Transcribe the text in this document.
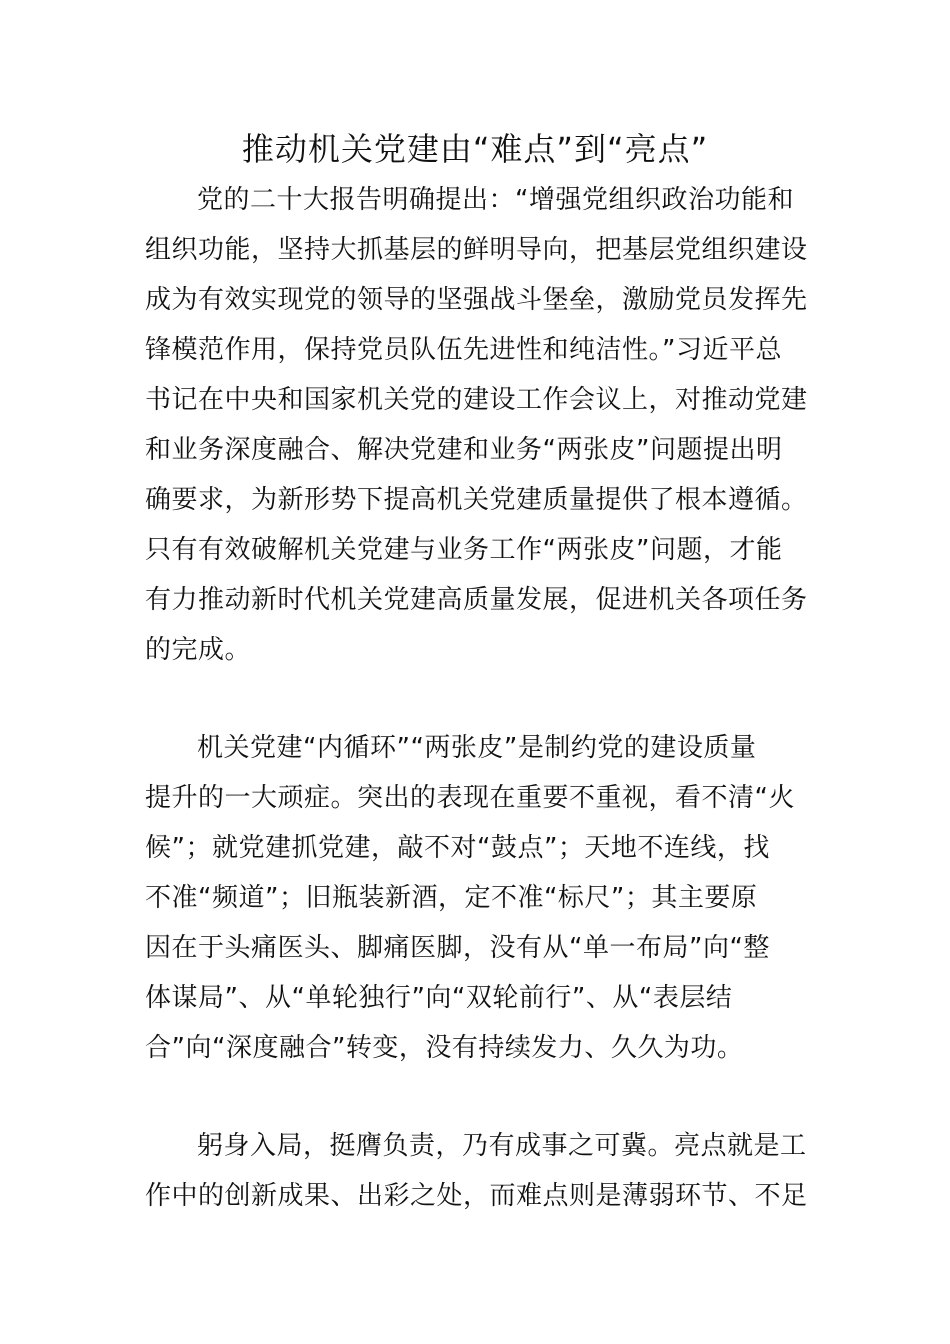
推动机关党建由“难点”到“亮点”
党的二十大报告明确提出：“增强党组织政治功能和
组织功能，坚持大抓基层的鲜明导向，把基层党组织建设
成为有效实现党的领导的坚强战斗堡垒，激励党员发挥先
锋模范作用，保持党员队伍先进性和纯洁性。”习近平总
书记在中央和国家机关党的建设工作会议上，对推动党建
和业务深度融合、解决党建和业务“两张皮”问题提出明
确要求，为新形势下提高机关党建质量提供了根本遵循。
只有有效破解机关党建与业务工作“两张皮”问题，才能
有力推动新时代机关党建高质量发展，促进机关各项任务
的完成。
机关党建“内循环”“两张皮”是制约党的建设质量
提升的一大顽症。突出的表现在重要不重视，看不清“火
候”；就党建抓党建，敲不对“鼓点”；天地不连线，找
不准“频道”；旧瓶装新酒，定不准“标尺”；其主要原
因在于头痛医头、脚痛医脚，没有从“单一布局”向“整
体谋局”、从“单轮独行”向“双轮前行”、从“表层结
合”向“深度融合”转变，没有持续发力、久久为功。
躬身入局，挺膺负责，乃有成事之可冀。亮点就是工
作中的创新成果、出彩之处，而难点则是薄弱环节、不足
